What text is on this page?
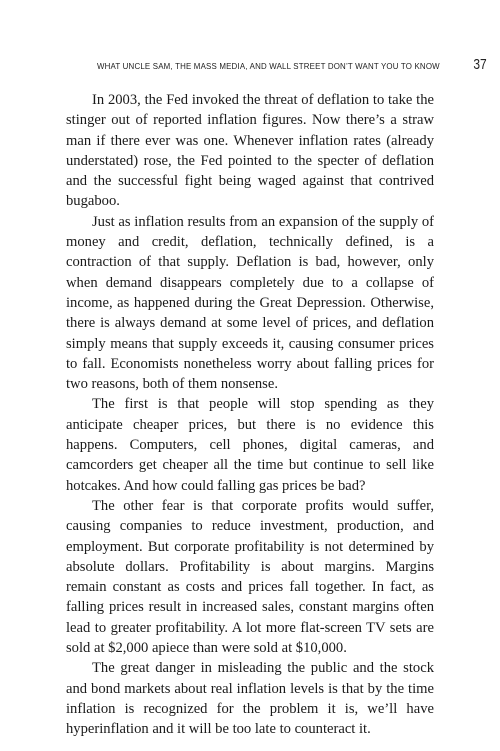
WHAT UNCLE SAM, THE MASS MEDIA, AND WALL STREET DON’T WANT YOU TO KNOW 37

In 2003, the Fed invoked the threat of deflation to take the stinger out of reported inflation figures. Now there’s a straw man if there ever was one. Whenever inflation rates (already understated) rose, the Fed pointed to the specter of deflation and the successful fight being waged against that contrived bugaboo.

Just as inflation results from an expansion of the supply of money and credit, deflation, technically defined, is a contraction of that supply. Deflation is bad, however, only when demand disappears completely due to a collapse of income, as happened during the Great Depression. Otherwise, there is always demand at some level of prices, and deflation simply means that supply exceeds it, causing consumer prices to fall. Economists nonetheless worry about falling prices for two reasons, both of them nonsense.

The first is that people will stop spending as they anticipate cheaper prices, but there is no evidence this happens. Computers, cell phones, digital cameras, and camcorders get cheaper all the time but continue to sell like hotcakes. And how could falling gas prices be bad?

The other fear is that corporate profits would suffer, causing companies to reduce investment, production, and employment. But corporate profitability is not determined by absolute dollars. Profitability is about margins. Margins remain constant as costs and prices fall together. In fact, as falling prices result in increased sales, constant margins often lead to greater profitability. A lot more flat-screen TV sets are sold at $2,000 apiece than were sold at $10,000.

The great danger in misleading the public and the stock and bond markets about real inflation levels is that by the time inflation is recognized for the problem it is, we’ll have hyperinflation and it will be too late to counteract it.
